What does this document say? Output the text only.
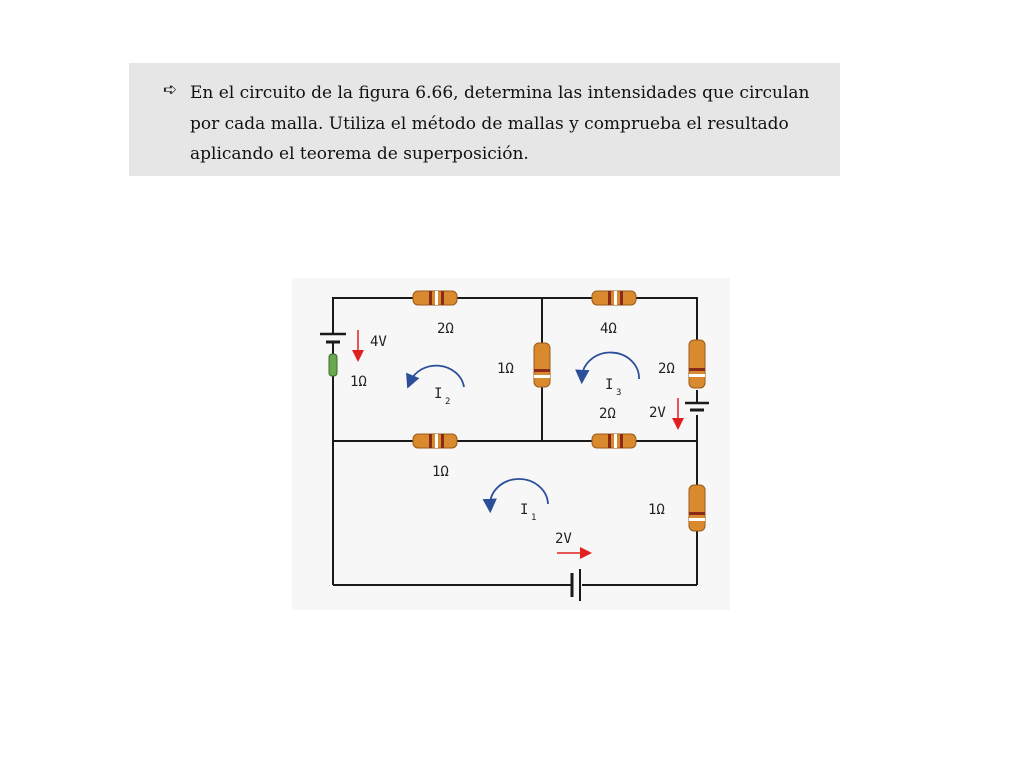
➪ En el circuito de la figura 6.66, determina las intensidades que circulan por cada malla. Utiliza el método de mallas y comprueba el resultado aplicando el teorema de superposición.
2Ω	4Ω
4V
1Ω
1Ω	2Ω
2Ω 2V
1Ω
1Ω
2V
I 2
I 3
I 1
